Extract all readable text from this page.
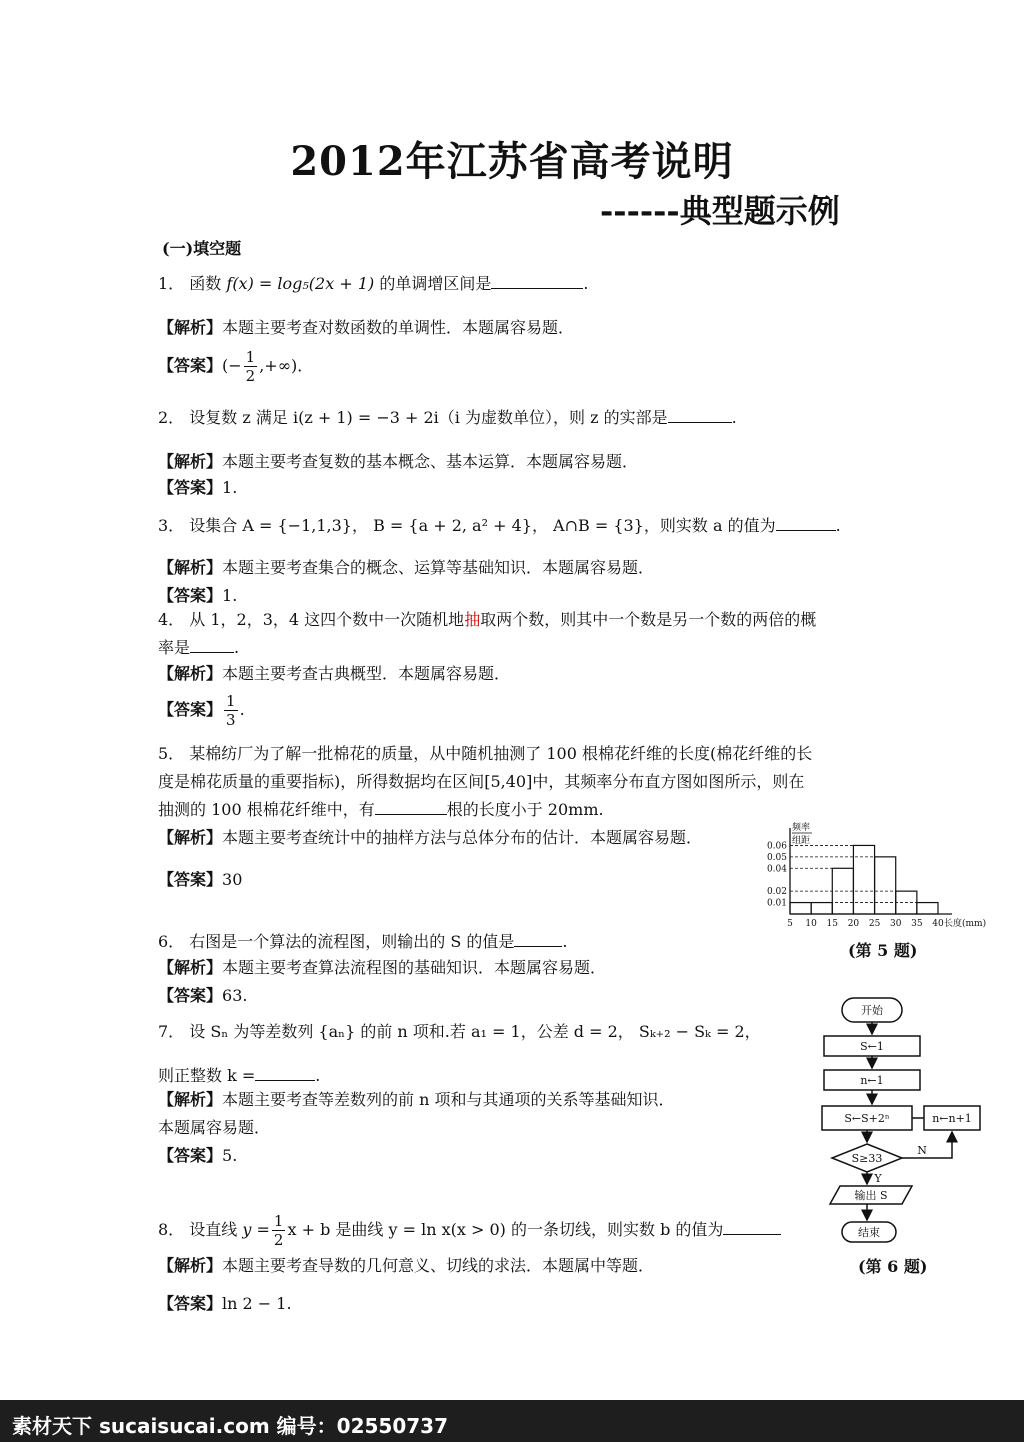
2012年江苏省高考说明
------典型题示例
(一)填空题
1． 函数 f(x) = log₅(2x + 1) 的单调增区间是	.
【解析】本题主要考查对数函数的单调性．本题属容易题．
【答案】(− $\frac{1}{2}$ ,+∞)．
2． 设复数 z 满足 i(z + 1) = −3 + 2i（i 为虚数单位），则 z 的实部是	.
【解析】本题主要考查复数的基本概念、基本运算．本题属容易题．
【答案】1.
3． 设集合 A = {−1,1,3}， B = {a + 2, a² + 4}， A∩B = {3}，则实数 a 的值为	.
【解析】本题主要考查集合的概念、运算等基础知识．本题属容易题．
【答案】1.
4． 从 1，2，3，4 这四个数中一次随机地抽取两个数，则其中一个数是另一个数的两倍的概
率是	.
【解析】本题主要考查古典概型．本题属容易题．
【答案】 $\frac{1}{3}$ .
5． 某棉纺厂为了解一批棉花的质量，从中随机抽测了 100 根棉花纤维的长度(棉花纤维的长
度是棉花质量的重要指标)，所得数据均在区间[5,40]中，其频率分布直方图如图所示，则在
抽测的 100 根棉花纤维中，有	根的长度小于 20mm.
【解析】本题主要考查统计中的抽样方法与总体分布的估计．本题属容易题．
【答案】30
0.06
0.05
0.04
0.02
0.01
5 10 15 20 25 30 35 40 长度(mm)
频率
组距
(第 5 题)
6． 右图是一个算法的流程图，则输出的 S 的值是	.
【解析】本题主要考查算法流程图的基础知识．本题属容易题．
【答案】63.
7． 设 Sₙ 为等差数列 {aₙ} 的前 n 项和.若 a₁ = 1，公差 d = 2， Sₖ₊₂ − Sₖ = 2，
则正整数 k =	.
【解析】本题主要考查等差数列的前 n 项和与其通项的关系等基础知识．
本题属容易题．
【答案】5.
开始
S←1
n←1
S←S+2ⁿ	n←n+1
S≥33
N
Y
输出 S
结束
8． 设直线 $y = \frac{1}{2}$ x + b 是曲线 y = ln x(x > 0) 的一条切线，则实数 b 的值为
【解析】本题主要考查导数的几何意义、切线的求法．本题属中等题．
【答案】ln 2 − 1.
(第 6 题)
素材天下 sucaisucai.com 编号：02550737
